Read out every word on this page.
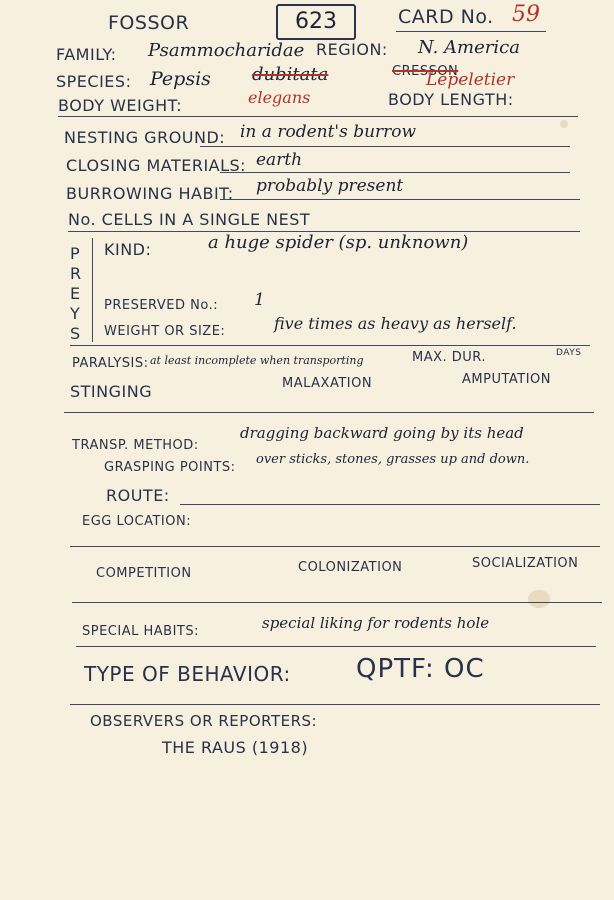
FOSSOR	623	CARD No. 59
FAMILY: Psammocharidae REGION: N. America
SPECIES: Pepsis dubitata	CRESSON
Lepeletier
elegans
BODY WEIGHT:	BODY LENGTH:
NESTING GROUND: in a rodent's burrow
CLOSING MATERIALS: earth
BURROWING HABIT: probably present
No. CELLS IN A SINGLE NEST
P
R
E
Y
S
KIND:	a huge spider (sp. unknown)
PRESERVED No.: 1
WEIGHT OR SIZE:	five times as heavy as herself.
PARALYSIS: at least incomplete when transporting	MAX. DUR.	DAYS
STINGING	MALAXATION	AMPUTATION
TRANSP. METHOD:
dragging backward going by its head
GRASPING POINTS:
over sticks, stones, grasses up and down.
ROUTE:
EGG LOCATION:
COMPETITION	COLONIZATION	SOCIALIZATION
SPECIAL HABITS:	special liking for rodents hole
TYPE OF BEHAVIOR:	QPTF: OC
OBSERVERS OR REPORTERS:
THE RAUS (1918)
